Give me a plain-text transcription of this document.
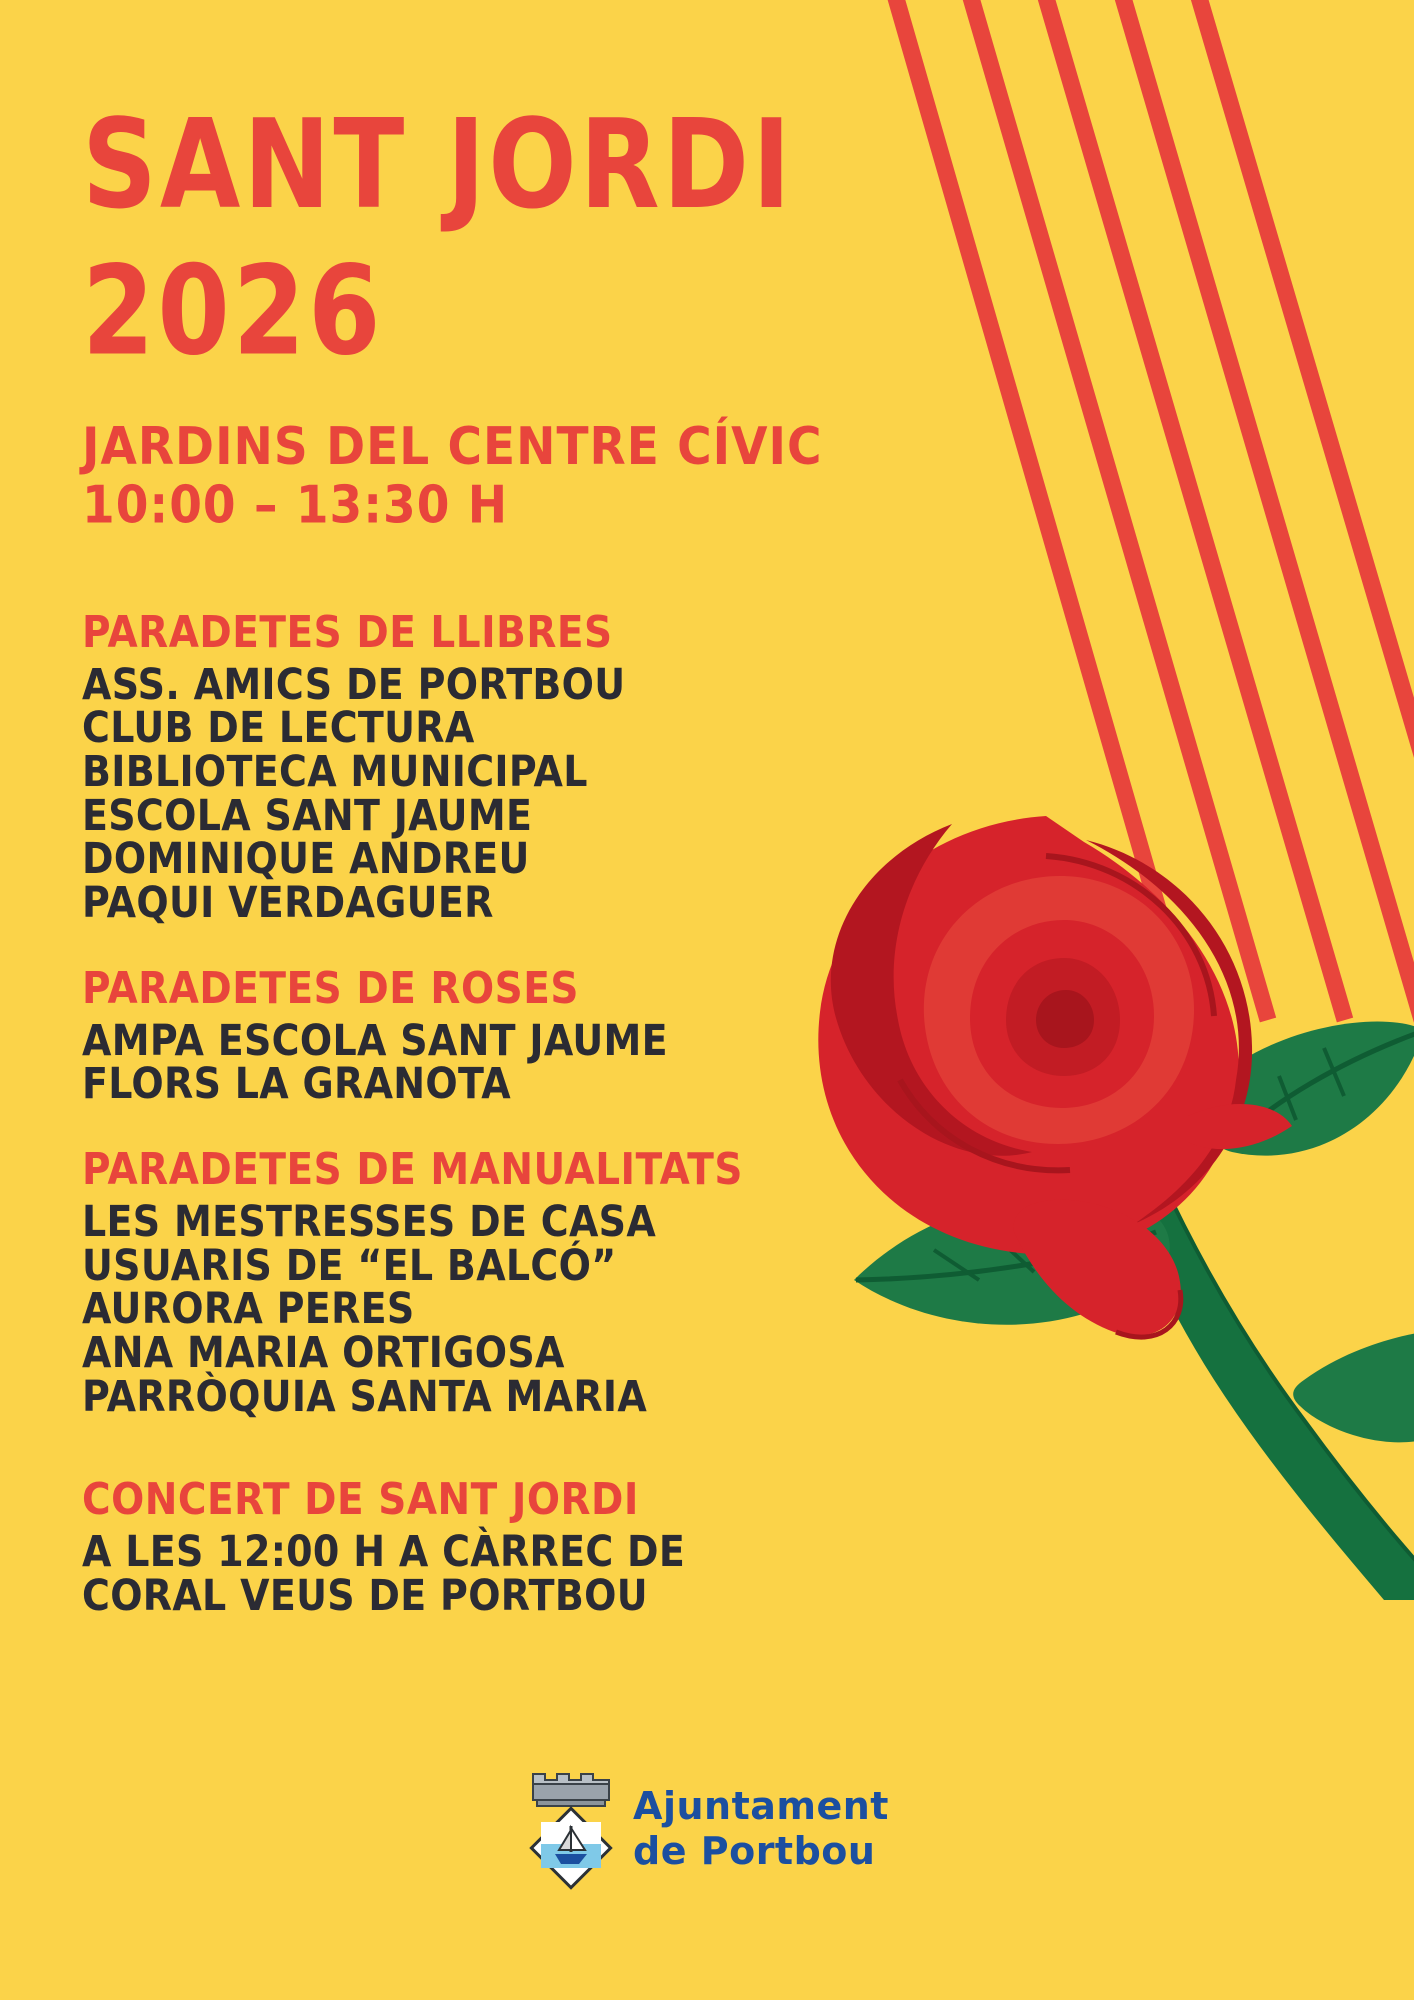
SANT JORDI
2026
JARDINS DEL CENTRE CÍVIC
10:00 – 13:30 H
PARADETES DE LLIBRES
ASS. AMICS DE PORTBOU
CLUB DE LECTURA
BIBLIOTECA MUNICIPAL
ESCOLA SANT JAUME
DOMINIQUE ANDREU
PAQUI VERDAGUER
PARADETES DE ROSES
AMPA ESCOLA SANT JAUME
FLORS LA GRANOTA
PARADETES DE MANUALITATS
LES MESTRESSES DE CASA
USUARIS DE “EL BALCÓ”
AURORA PERES
ANA MARIA ORTIGOSA
PARRÒQUIA SANTA MARIA
CONCERT DE SANT JORDI
A LES 12:00 H A CÀRREC DE
CORAL VEUS DE PORTBOU
Ajuntament
de Portbou
